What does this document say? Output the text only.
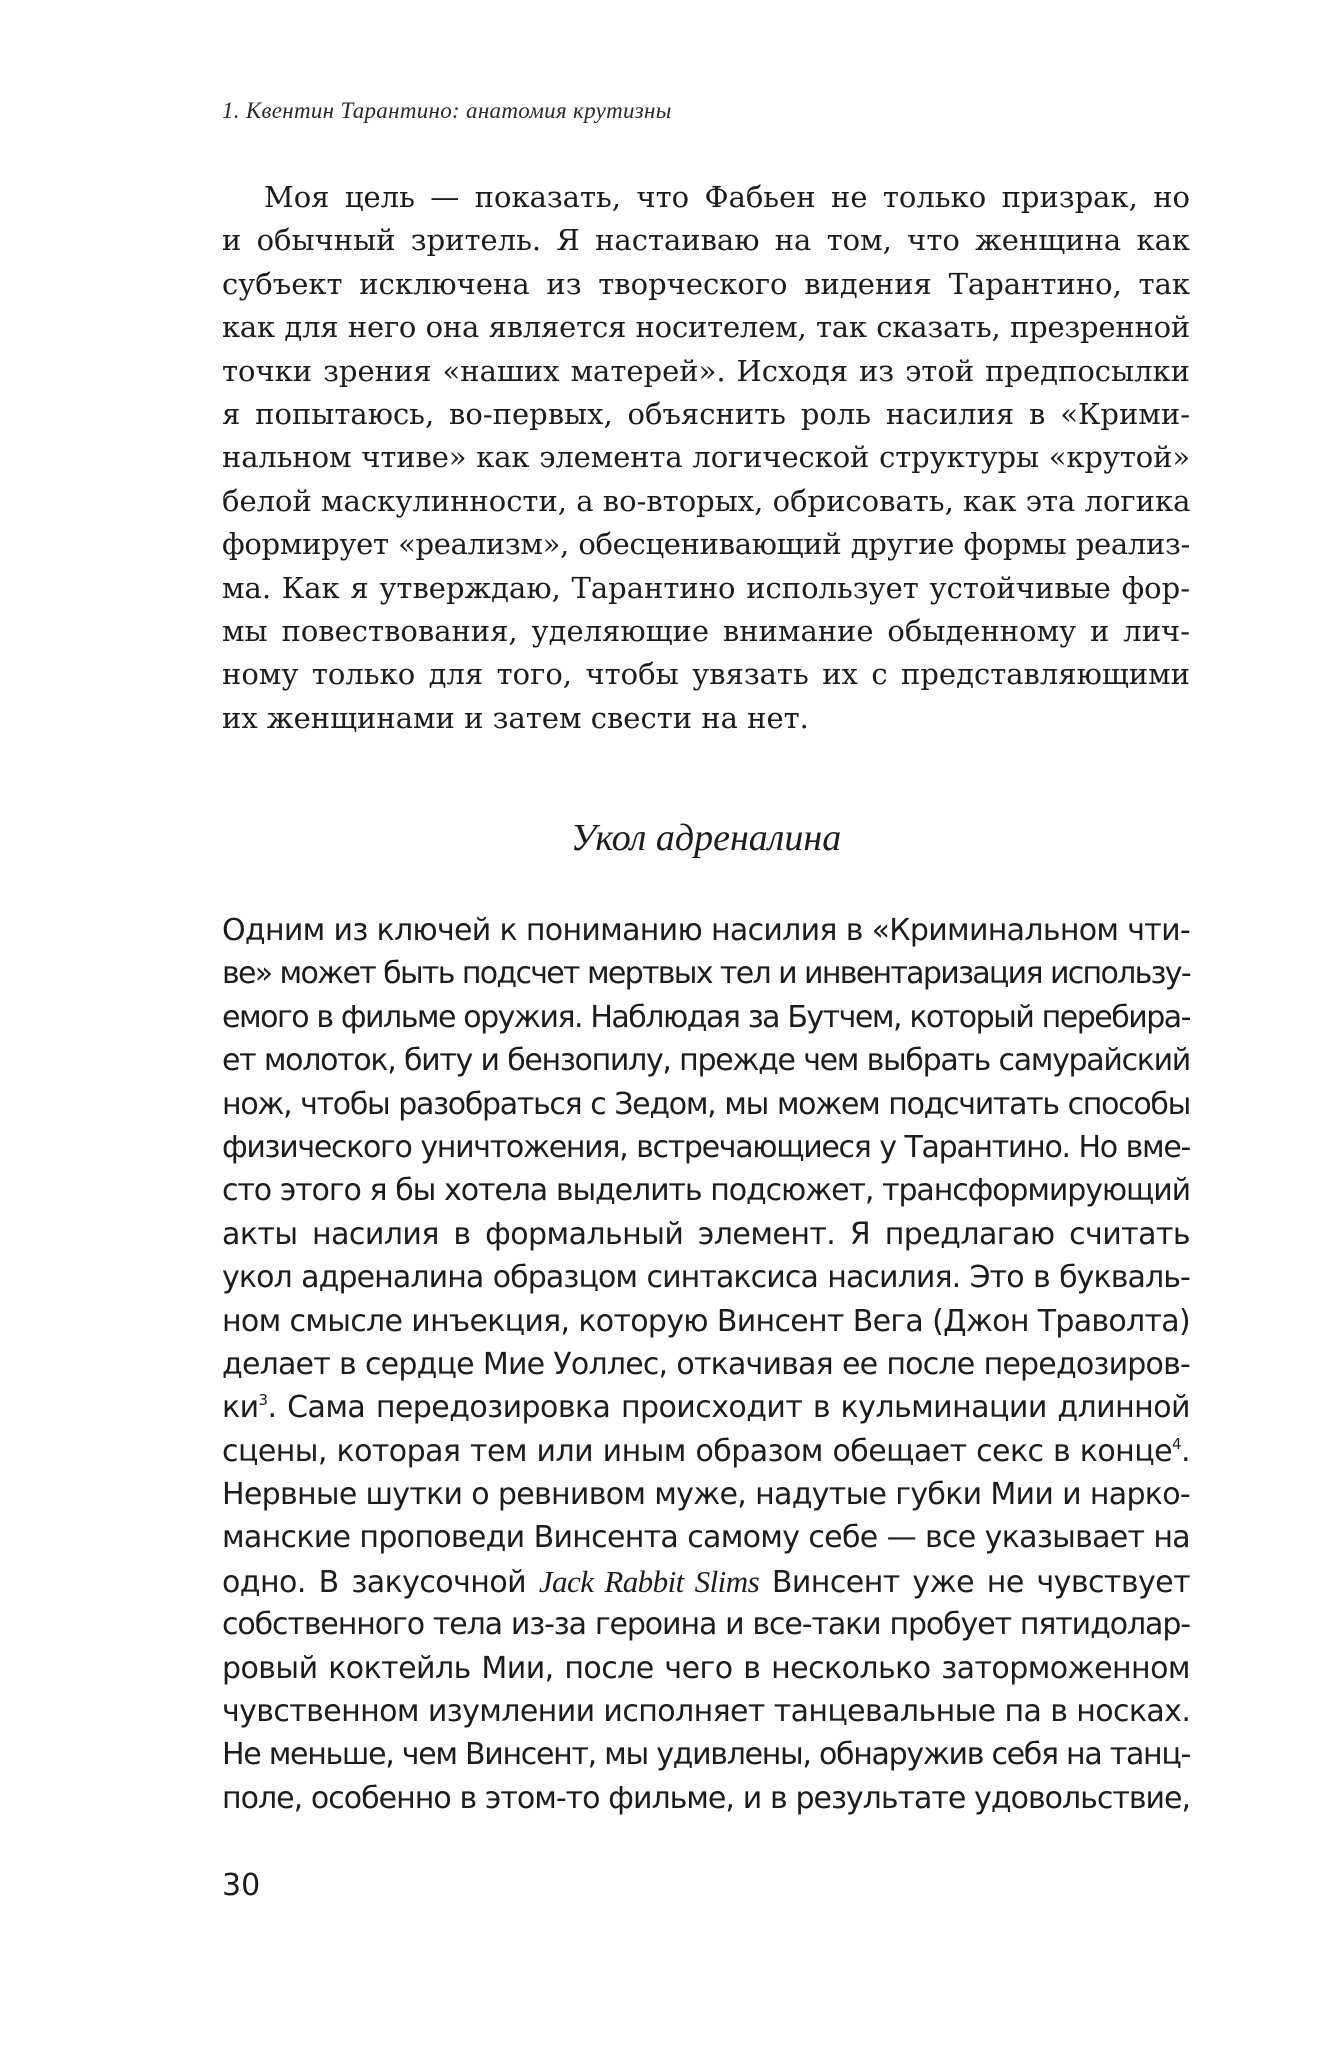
1. Квентин Тарантино: анатомия крутизны
Моя цель — показать, что Фабьен не только призрак, но
и обычный зритель. Я настаиваю на том, что женщина как
субъект исключена из творческого видения Тарантино, так
как для него она является носителем, так сказать, презренной
точки зрения «наших матерей». Исходя из этой предпосылки
я попытаюсь, во-первых, объяснить роль насилия в «Крими-
нальном чтиве» как элемента логической структуры «крутой»
белой маскулинности, а во-вторых, обрисовать, как эта логика
формирует «реализм», обесценивающий другие формы реализ-
ма. Как я утверждаю, Тарантино использует устойчивые фор-
мы повествования, уделяющие внимание обыденному и лич-
ному только для того, чтобы увязать их с представляющими
их женщинами и затем свести на нет.
Укол адреналина
Одним из ключей к пониманию насилия в «Криминальном чти-
ве» может быть подсчет мертвых тел и инвентаризация использу-
емого в фильме оружия. Наблюдая за Бутчем, который перебира-
ет молоток, биту и бензопилу, прежде чем выбрать самурайский
нож, чтобы разобраться с Зедом, мы можем подсчитать способы
физического уничтожения, встречающиеся у Тарантино. Но вме-
сто этого я бы хотела выделить подсюжет, трансформирующий
акты насилия в формальный элемент. Я предлагаю считать
укол адреналина образцом синтаксиса насилия. Это в букваль-
ном смысле инъекция, которую Винсент Вега (Джон Траволта)
делает в сердце Мие Уоллес, откачивая ее после передозиров-
ки$^3$. Сама передозировка происходит в кульминации длинной
сцены, которая тем или иным образом обещает секс в конце$^4$.
Нервные шутки о ревнивом муже, надутые губки Мии и нарко-
манские проповеди Винсента самому себе — все указывает на
одно. В закусочной Jack Rabbit Slims Винсент уже не чувствует
собственного тела из-за героина и все-таки пробует пятидолар-
ровый коктейль Мии, после чего в несколько заторможенном
чувственном изумлении исполняет танцевальные па в носках.
Не меньше, чем Винсент, мы удивлены, обнаружив себя на танц-
поле, особенно в этом-то фильме, и в результате удовольствие,
30
